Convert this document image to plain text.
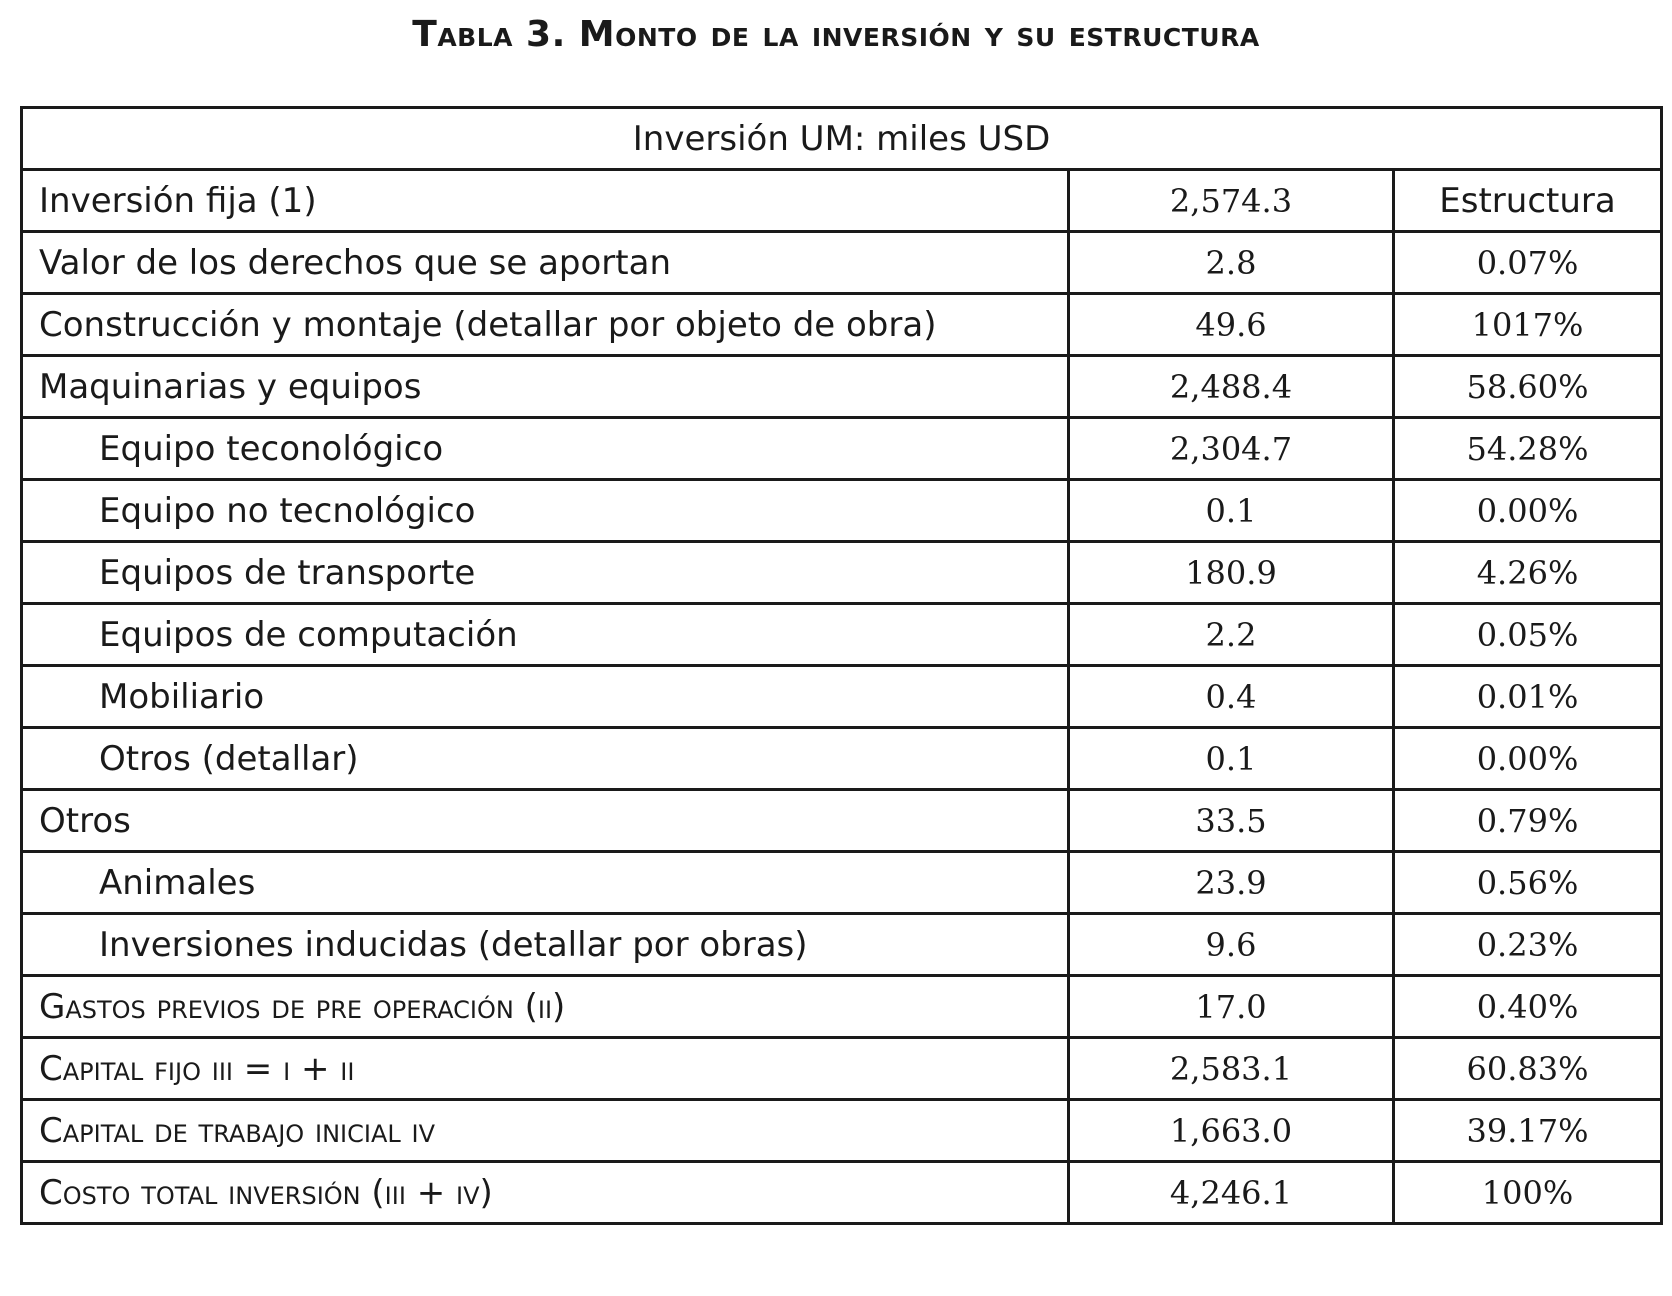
Tabla 3. Monto de la inversión y su estructura
Inversión UM: miles USD		
Inversión fija (1)	2,574.3	Estructura
Valor de los derechos que se aportan	2.8	0.07%
Construcción y montaje (detallar por objeto de obra)	49.6	1017%
Maquinarias y equipos	2,488.4	58.60%
Equipo teconológico	2,304.7	54.28%
Equipo no tecnológico	0.1	0.00%
Equipos de transporte	180.9	4.26%
Equipos de computación	2.2	0.05%
Mobiliario	0.4	0.01%
Otros (detallar)	0.1	0.00%
Otros	33.5	0.79%
Animales	23.9	0.56%
Inversiones inducidas (detallar por obras)	9.6	0.23%
Gastos previos de pre operación (ii)	17.0	0.40%
Capital fijo iii = i + ii	2,583.1	60.83%
Capital de trabajo inicial iv	1,663.0	39.17%
Costo total inversión (iii + iv)	4,246.1	100%
